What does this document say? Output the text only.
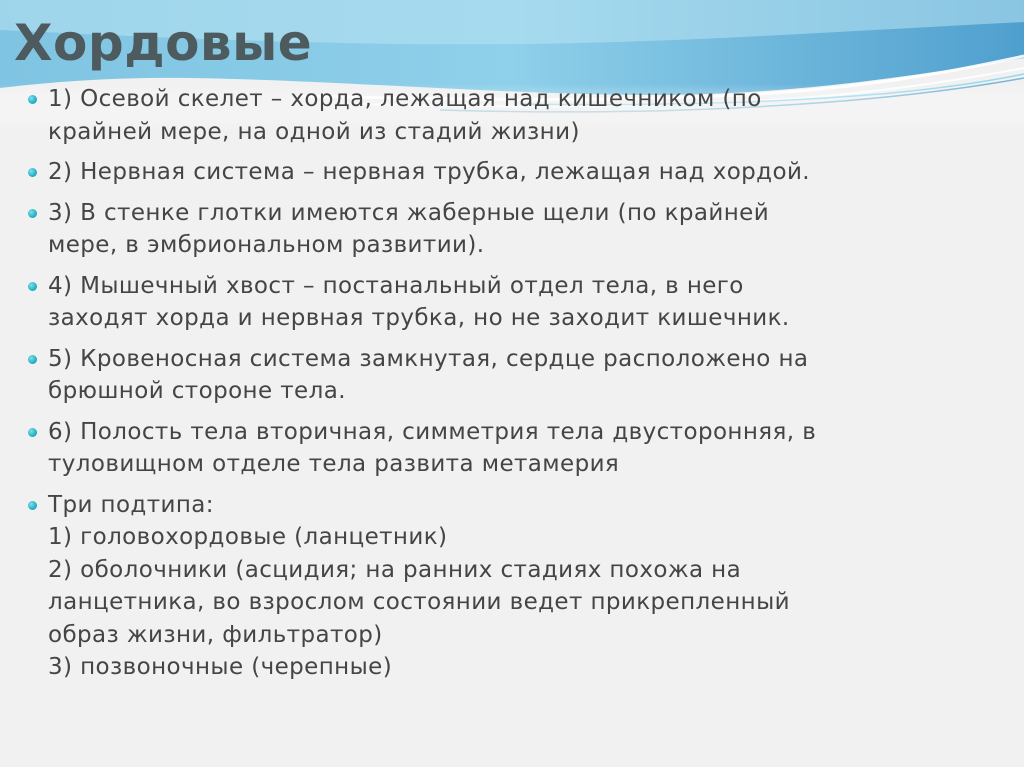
Хордовые
1) Осевой скелет – хорда, лежащая над кишечником (по
крайней мере, на одной из стадий жизни)
2) Нервная система – нервная трубка, лежащая над хордой.
3) В стенке глотки имеются жаберные щели (по крайней
мере, в эмбриональном развитии).
4) Мышечный хвост – постанальный отдел тела, в него
заходят хорда и нервная трубка, но не заходит кишечник.
5) Кровеносная система замкнутая, сердце расположено на
брюшной стороне тела.
6) Полость тела вторичная, симметрия тела двусторонняя, в
туловищном отделе тела развита метамерия
Три подтипа:
1) головохордовые (ланцетник)
2) оболочники (асцидия; на ранних стадиях похожа на
ланцетника, во взрослом состоянии ведет прикрепленный
образ жизни, фильтратор)
3) позвоночные (черепные)
